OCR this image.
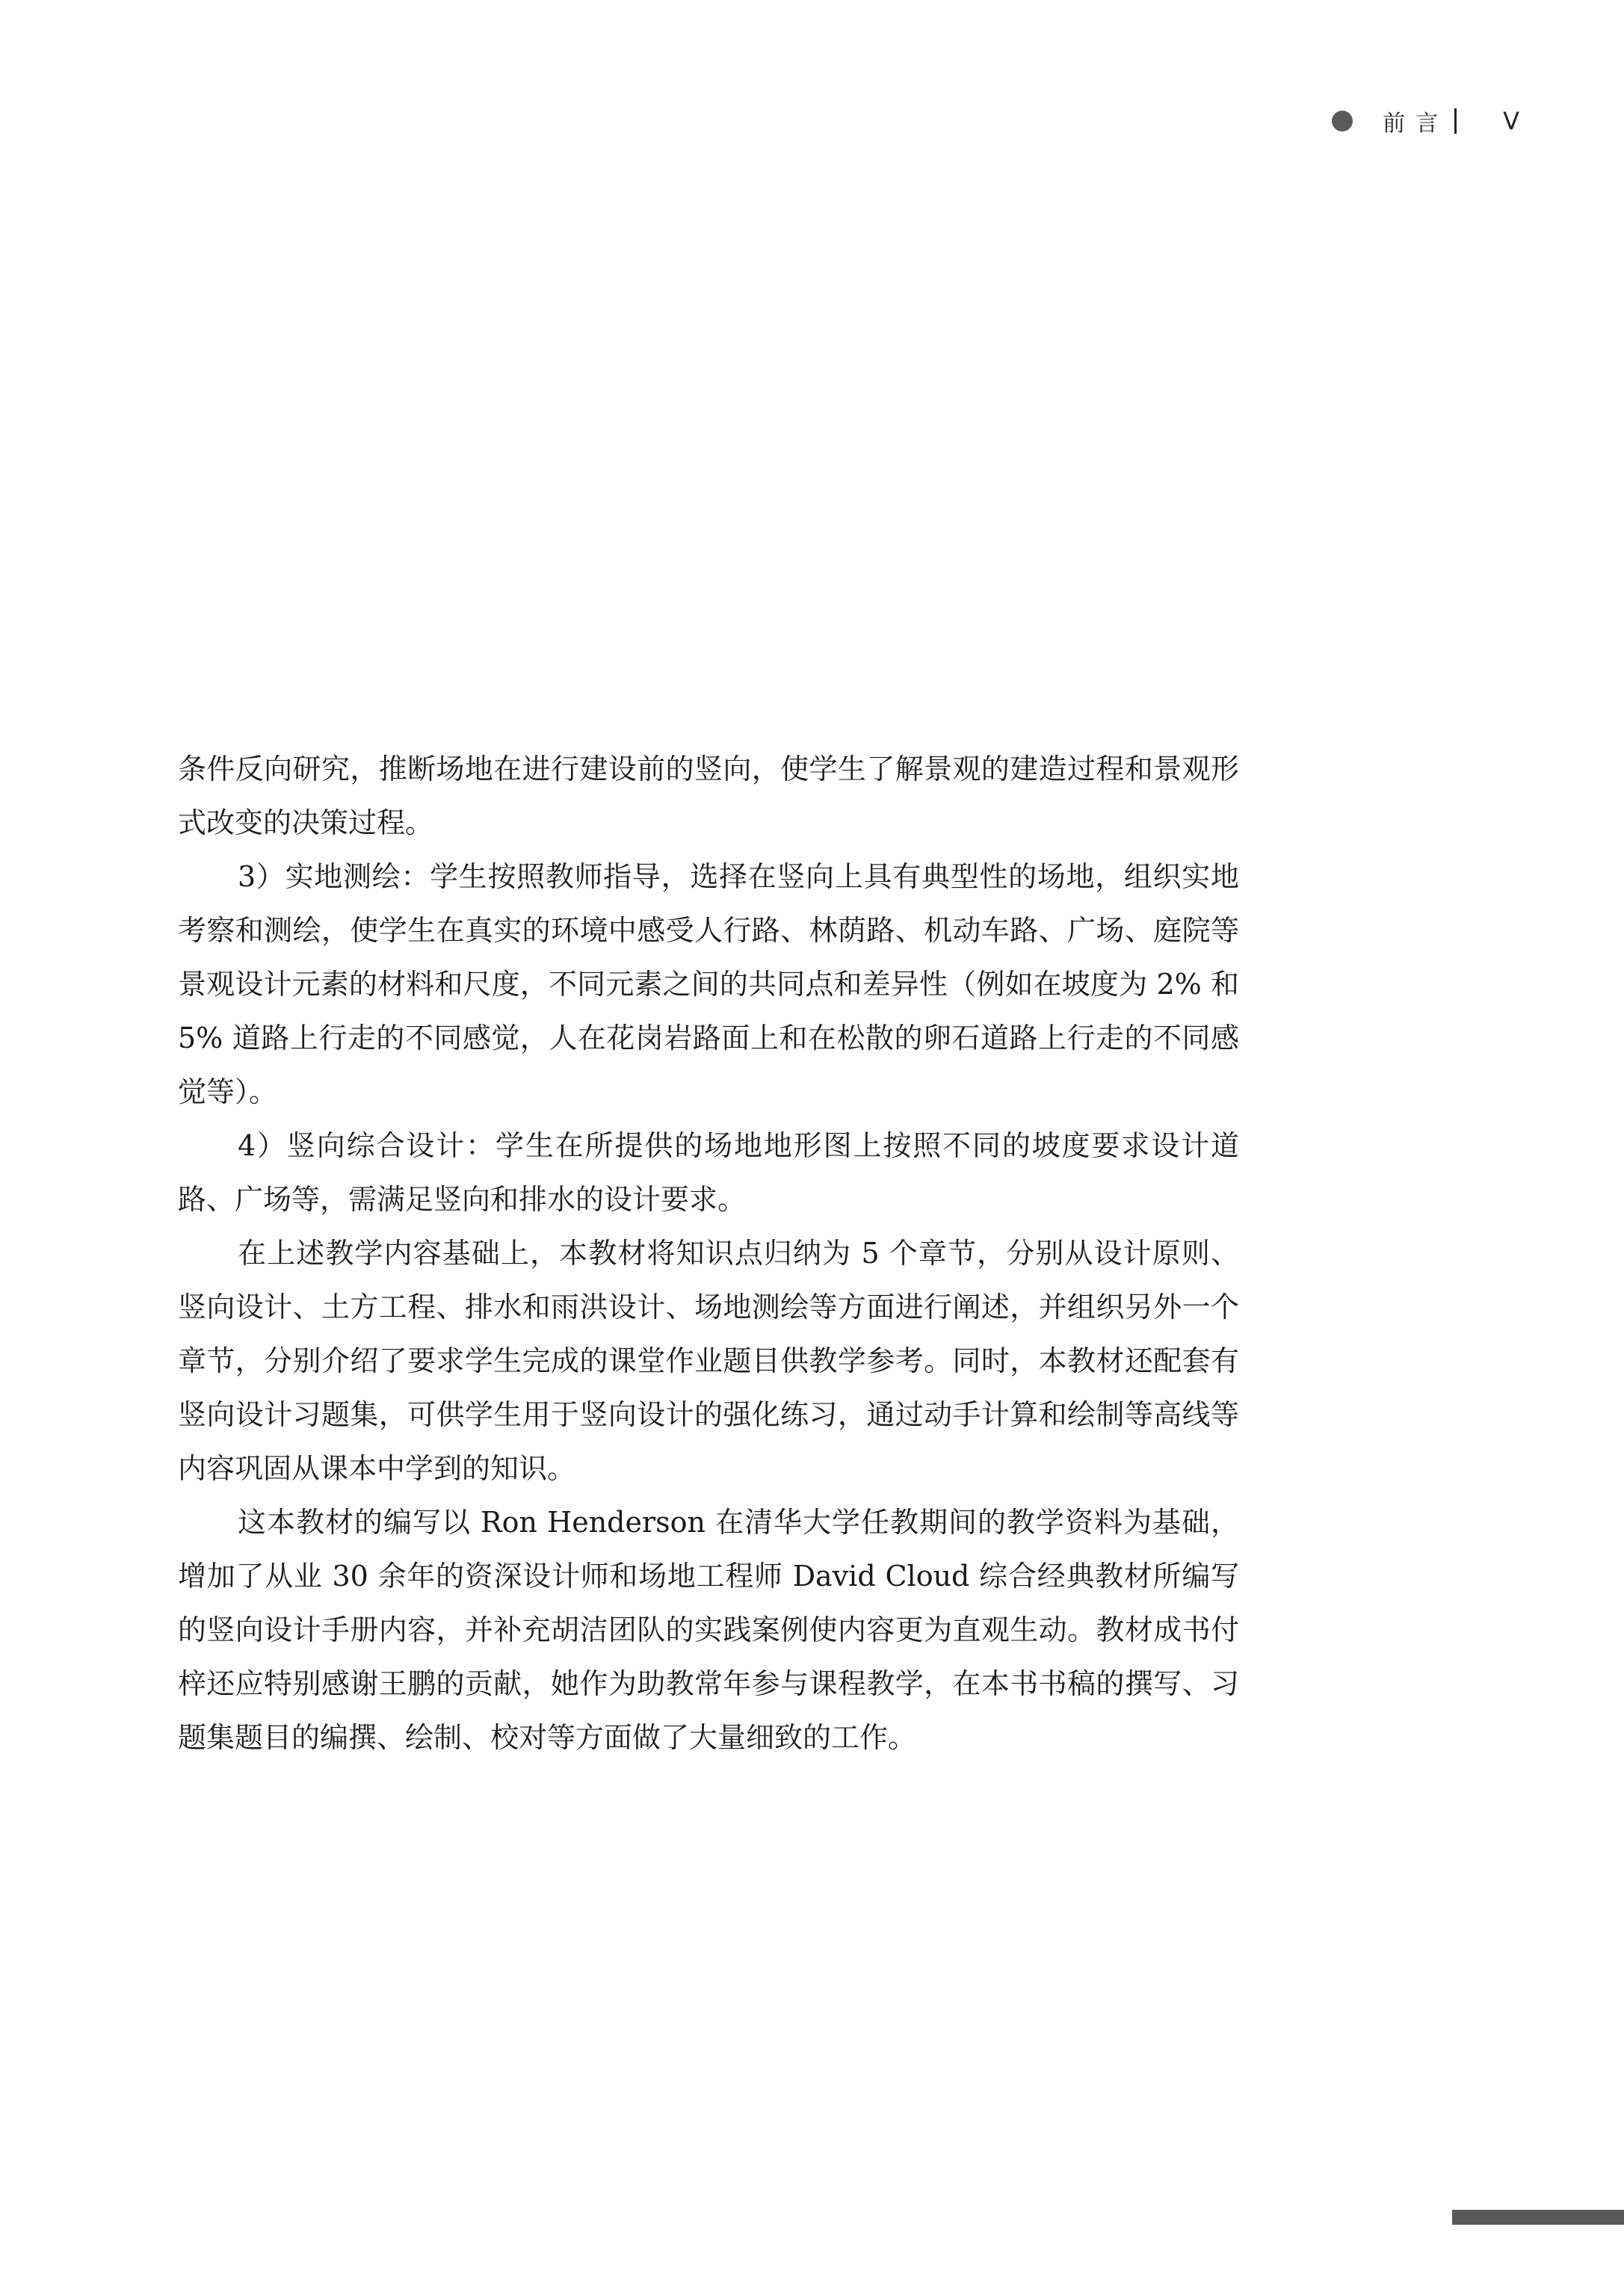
前言 V

条件反向研究，推断场地在进行建设前的竖向，使学生了解景观的建造过程和景观形式改变的决策过程。

3）实地测绘：学生按照教师指导，选择在竖向上具有典型性的场地，组织实地考察和测绘，使学生在真实的环境中感受人行路、林荫路、机动车路、广场、庭院等景观设计元素的材料和尺度，不同元素之间的共同点和差异性（例如在坡度为 2% 和 5% 道路上行走的不同感觉，人在花岗岩路面上和在松散的卵石道路上行走的不同感觉等）。

4）竖向综合设计：学生在所提供的场地地形图上按照不同的坡度要求设计道路、广场等，需满足竖向和排水的设计要求。

在上述教学内容基础上，本教材将知识点归纳为 5 个章节，分别从设计原则、竖向设计、土方工程、排水和雨洪设计、场地测绘等方面进行阐述，并组织另外一个章节，分别介绍了要求学生完成的课堂作业题目供教学参考。同时，本教材还配套有竖向设计习题集，可供学生用于竖向设计的强化练习，通过动手计算和绘制等高线等内容巩固从课本中学到的知识。

这本教材的编写以 Ron Henderson 在清华大学任教期间的教学资料为基础，增加了从业 30 余年的资深设计师和场地工程师 David Cloud 综合经典教材所编写的竖向设计手册内容，并补充胡洁团队的实践案例使内容更为直观生动。教材成书付梓还应特别感谢王鹏的贡献，她作为助教常年参与课程教学，在本书书稿的撰写、习题集题目的编撰、绘制、校对等方面做了大量细致的工作。
